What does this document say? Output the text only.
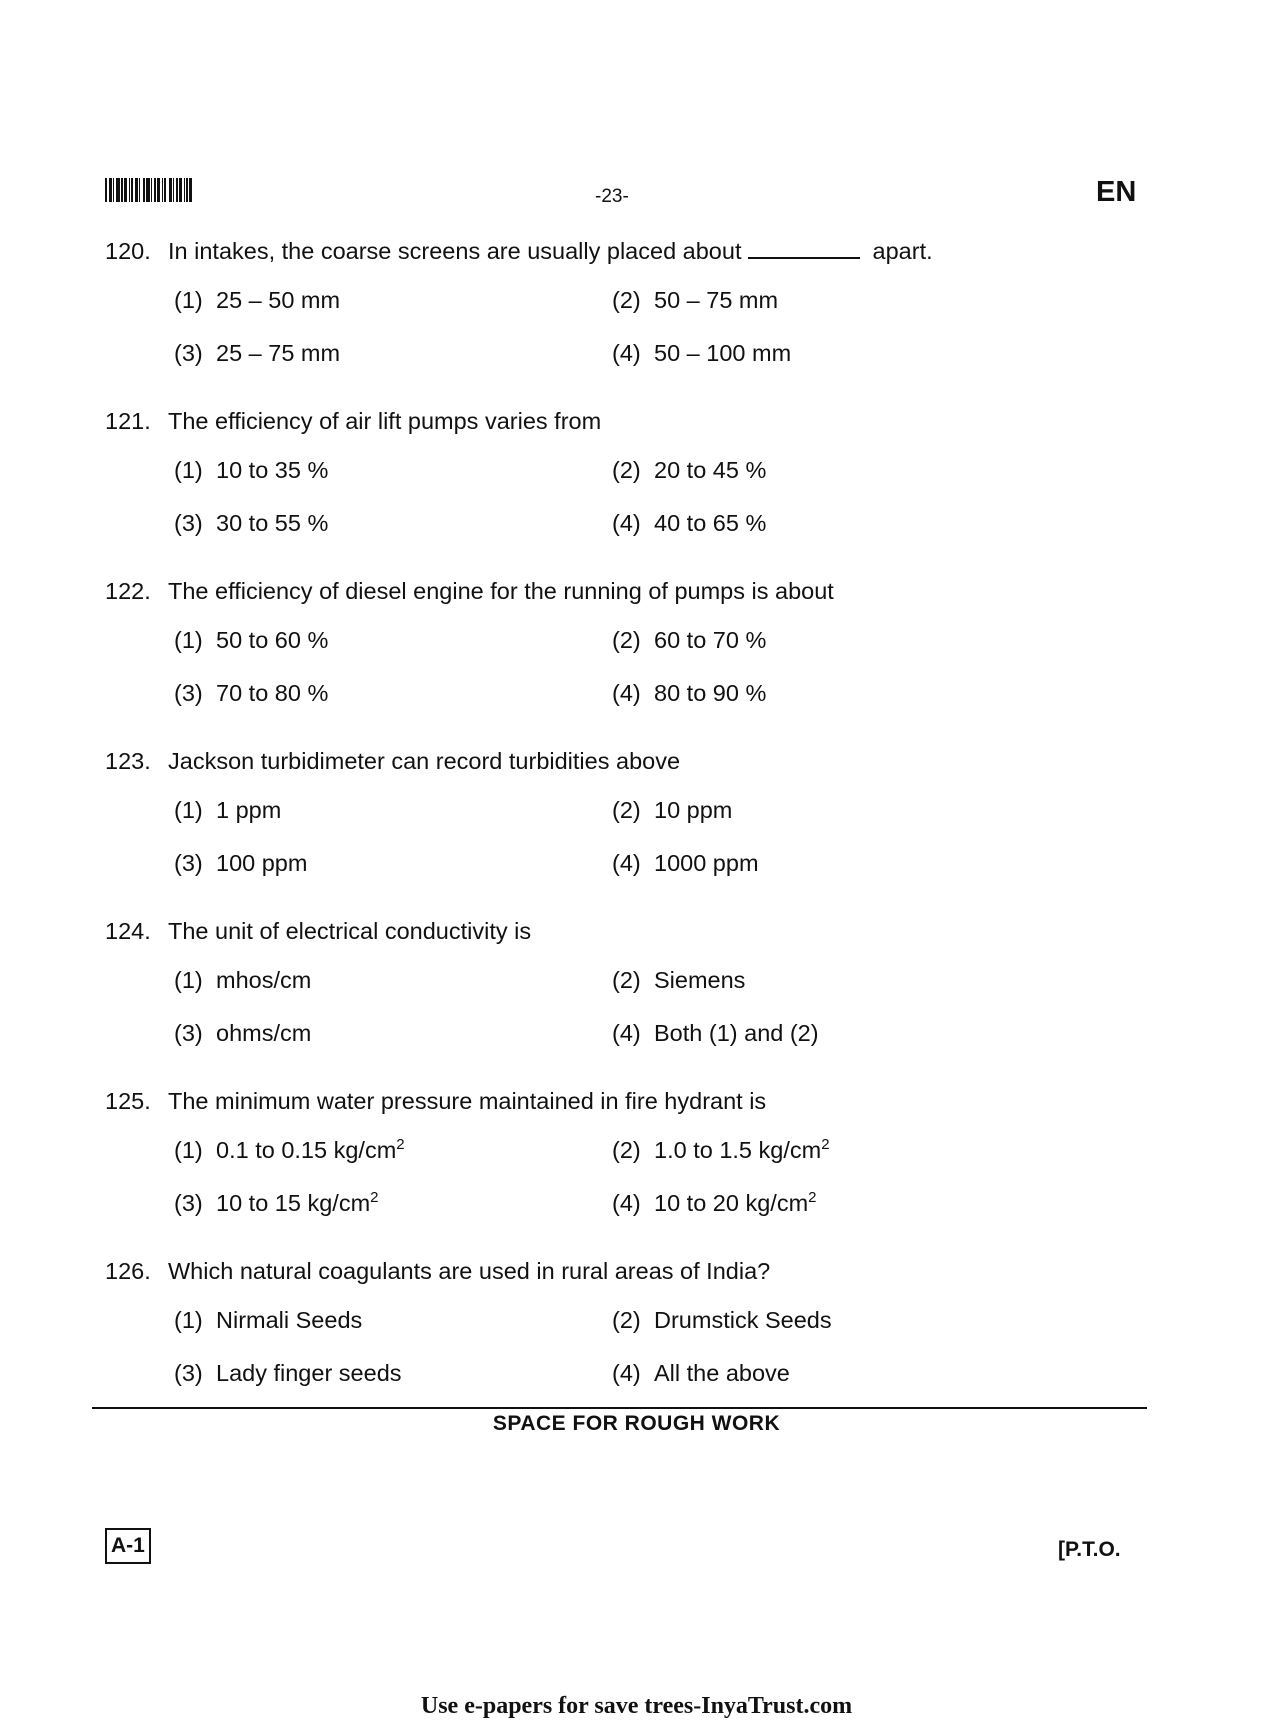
-23-	EN
120. In intakes, the coarse screens are usually placed about	apart.
(1) 25 – 50 mm	(2) 50 – 75 mm
(3) 25 – 75 mm	(4) 50 – 100 mm
121. The efficiency of air lift pumps varies from
(1) 10 to 35 %	(2) 20 to 45 %
(3) 30 to 55 %	(4) 40 to 65 %
122. The efficiency of diesel engine for the running of pumps is about
(1) 50 to 60 %	(2) 60 to 70 %
(3) 70 to 80 %	(4) 80 to 90 %
123. Jackson turbidimeter can record turbidities above
(1) 1 ppm	(2) 10 ppm
(3) 100 ppm	(4) 1000 ppm
124. The unit of electrical conductivity is
(1) mhos/cm	(2) Siemens
(3) ohms/cm	(4) Both (1) and (2)
125. The minimum water pressure maintained in fire hydrant is
(1) 0.1 to 0.15 $kg/cm^2$	(2) 1.0 to 1.5 $kg/cm^2$
(3) 10 to 15 $kg/cm^2$	(4) 10 to 20 $kg/cm^2$
126. Which natural coagulants are used in rural areas of India?
(1) Nirmali Seeds	(2) Drumstick Seeds
(3) Lady finger seeds	(4) All the above
SPACE FOR ROUGH WORK
A-1	[P.T.O.
Use e-papers for save trees-InyaTrust.com
